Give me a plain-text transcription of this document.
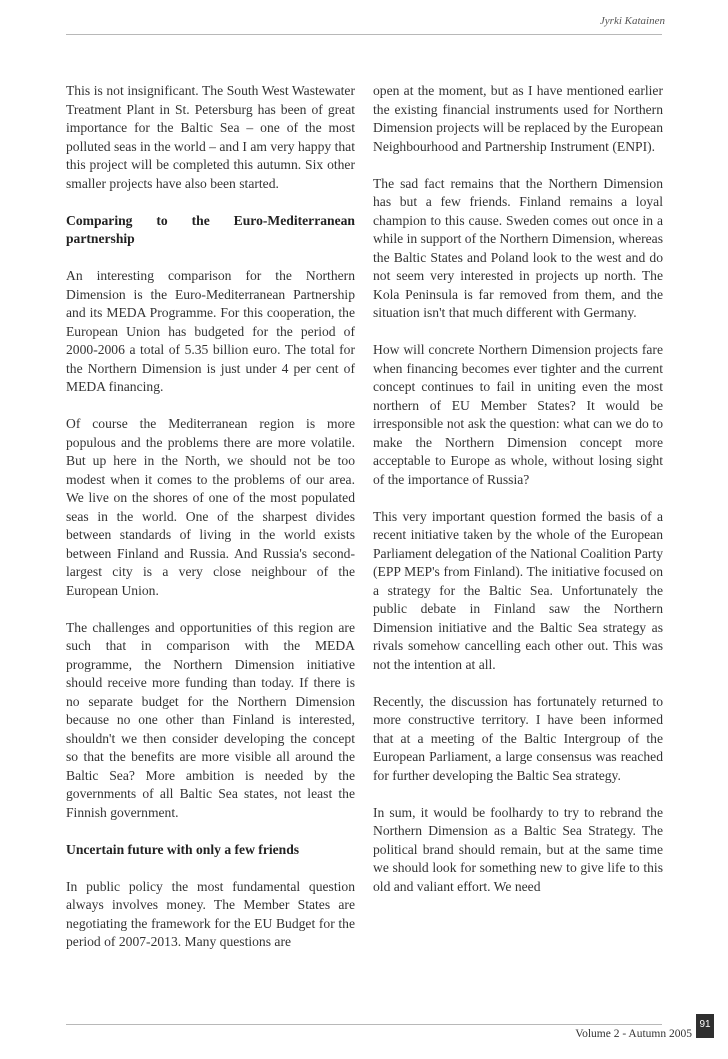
Jyrki Katainen

This is not insignificant. The South West Wastewater Treatment Plant in St. Petersburg has been of great importance for the Baltic Sea – one of the most polluted seas in the world – and I am very happy that this project will be completed this autumn. Six other smaller projects have also been started.

Comparing to the Euro-Mediterranean partnership

An interesting comparison for the Northern Dimension is the Euro-Mediterranean Partnership and its MEDA Programme. For this cooperation, the European Union has budgeted for the period of 2000-2006 a total of 5.35 billion euro. The total for the Northern Dimension is just under 4 per cent of MEDA financing.

Of course the Mediterranean region is more populous and the problems there are more volatile. But up here in the North, we should not be too modest when it comes to the problems of our area. We live on the shores of one of the most populated seas in the world. One of the sharpest divides between standards of living in the world exists between Finland and Russia. And Russia's second-largest city is a very close neighbour of the European Union.

The challenges and opportunities of this region are such that in comparison with the MEDA programme, the Northern Dimension initiative should receive more funding than today. If there is no separate budget for the Northern Dimension because no one other than Finland is interested, shouldn't we then consider developing the concept so that the benefits are more visible all around the Baltic Sea? More ambition is needed by the governments of all Baltic Sea states, not least the Finnish government.

Uncertain future with only a few friends

In public policy the most fundamental question always involves money. The Member States are negotiating the framework for the EU Budget for the period of 2007-2013. Many questions are

open at the moment, but as I have mentioned earlier the existing financial instruments used for Northern Dimension projects will be replaced by the European Neighbourhood and Partnership Instrument (ENPI).

The sad fact remains that the Northern Dimension has but a few friends. Finland remains a loyal champion to this cause. Sweden comes out once in a while in support of the Northern Dimension, whereas the Baltic States and Poland look to the west and do not seem very interested in projects up north. The Kola Peninsula is far removed from them, and the situation isn't that much different with Germany.

How will concrete Northern Dimension projects fare when financing becomes ever tighter and the current concept continues to fail in uniting even the most northern of EU Member States? It would be irresponsible not ask the question: what can we do to make the Northern Dimension concept more acceptable to Europe as whole, without losing sight of the importance of Russia?

This very important question formed the basis of a recent initiative taken by the whole of the European Parliament delegation of the National Coalition Party (EPP MEP's from Finland). The initiative focused on a strategy for the Baltic Sea. Unfortunately the public debate in Finland saw the Northern Dimension initiative and the Baltic Sea strategy as rivals somehow cancelling each other out. This was not the intention at all.

Recently, the discussion has fortunately returned to more constructive territory. I have been informed that at a meeting of the Baltic Intergroup of the European Parliament, a large consensus was reached for further developing the Baltic Sea strategy.

In sum, it would be foolhardy to try to rebrand the Northern Dimension as a Baltic Sea Strategy. The political brand should remain, but at the same time we should look for something new to give life to this old and valiant effort. We need

Volume 2 - Autumn 2005
91
